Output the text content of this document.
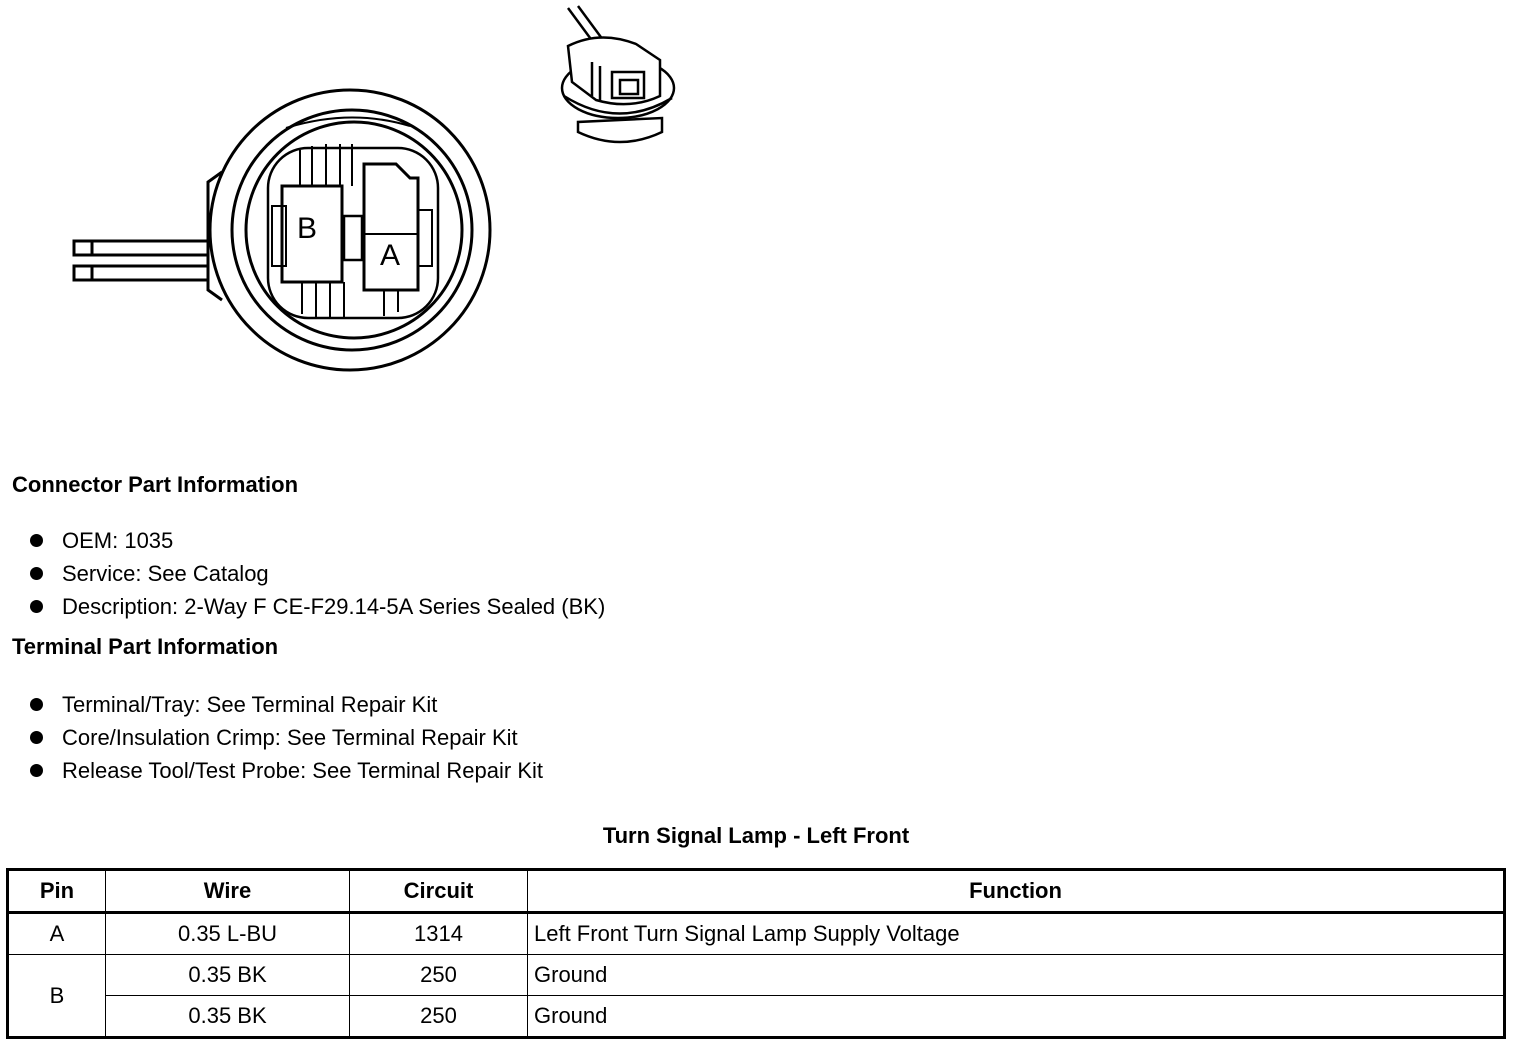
B
A
Connector Part Information
OEM: 1035
Service: See Catalog
Description: 2-Way F CE-F29.14-5A Series Sealed (BK)
Terminal Part Information
Terminal/Tray: See Terminal Repair Kit
Core/Insulation Crimp: See Terminal Repair Kit
Release Tool/Test Probe: See Terminal Repair Kit
Turn Signal Lamp - Left Front
Pin	Wire	Circuit	Function
A	0.35 L-BU	1314	Left Front Turn Signal Lamp Supply Voltage
B	0.35 BK	250	Ground
	0.35 BK	250	Ground
